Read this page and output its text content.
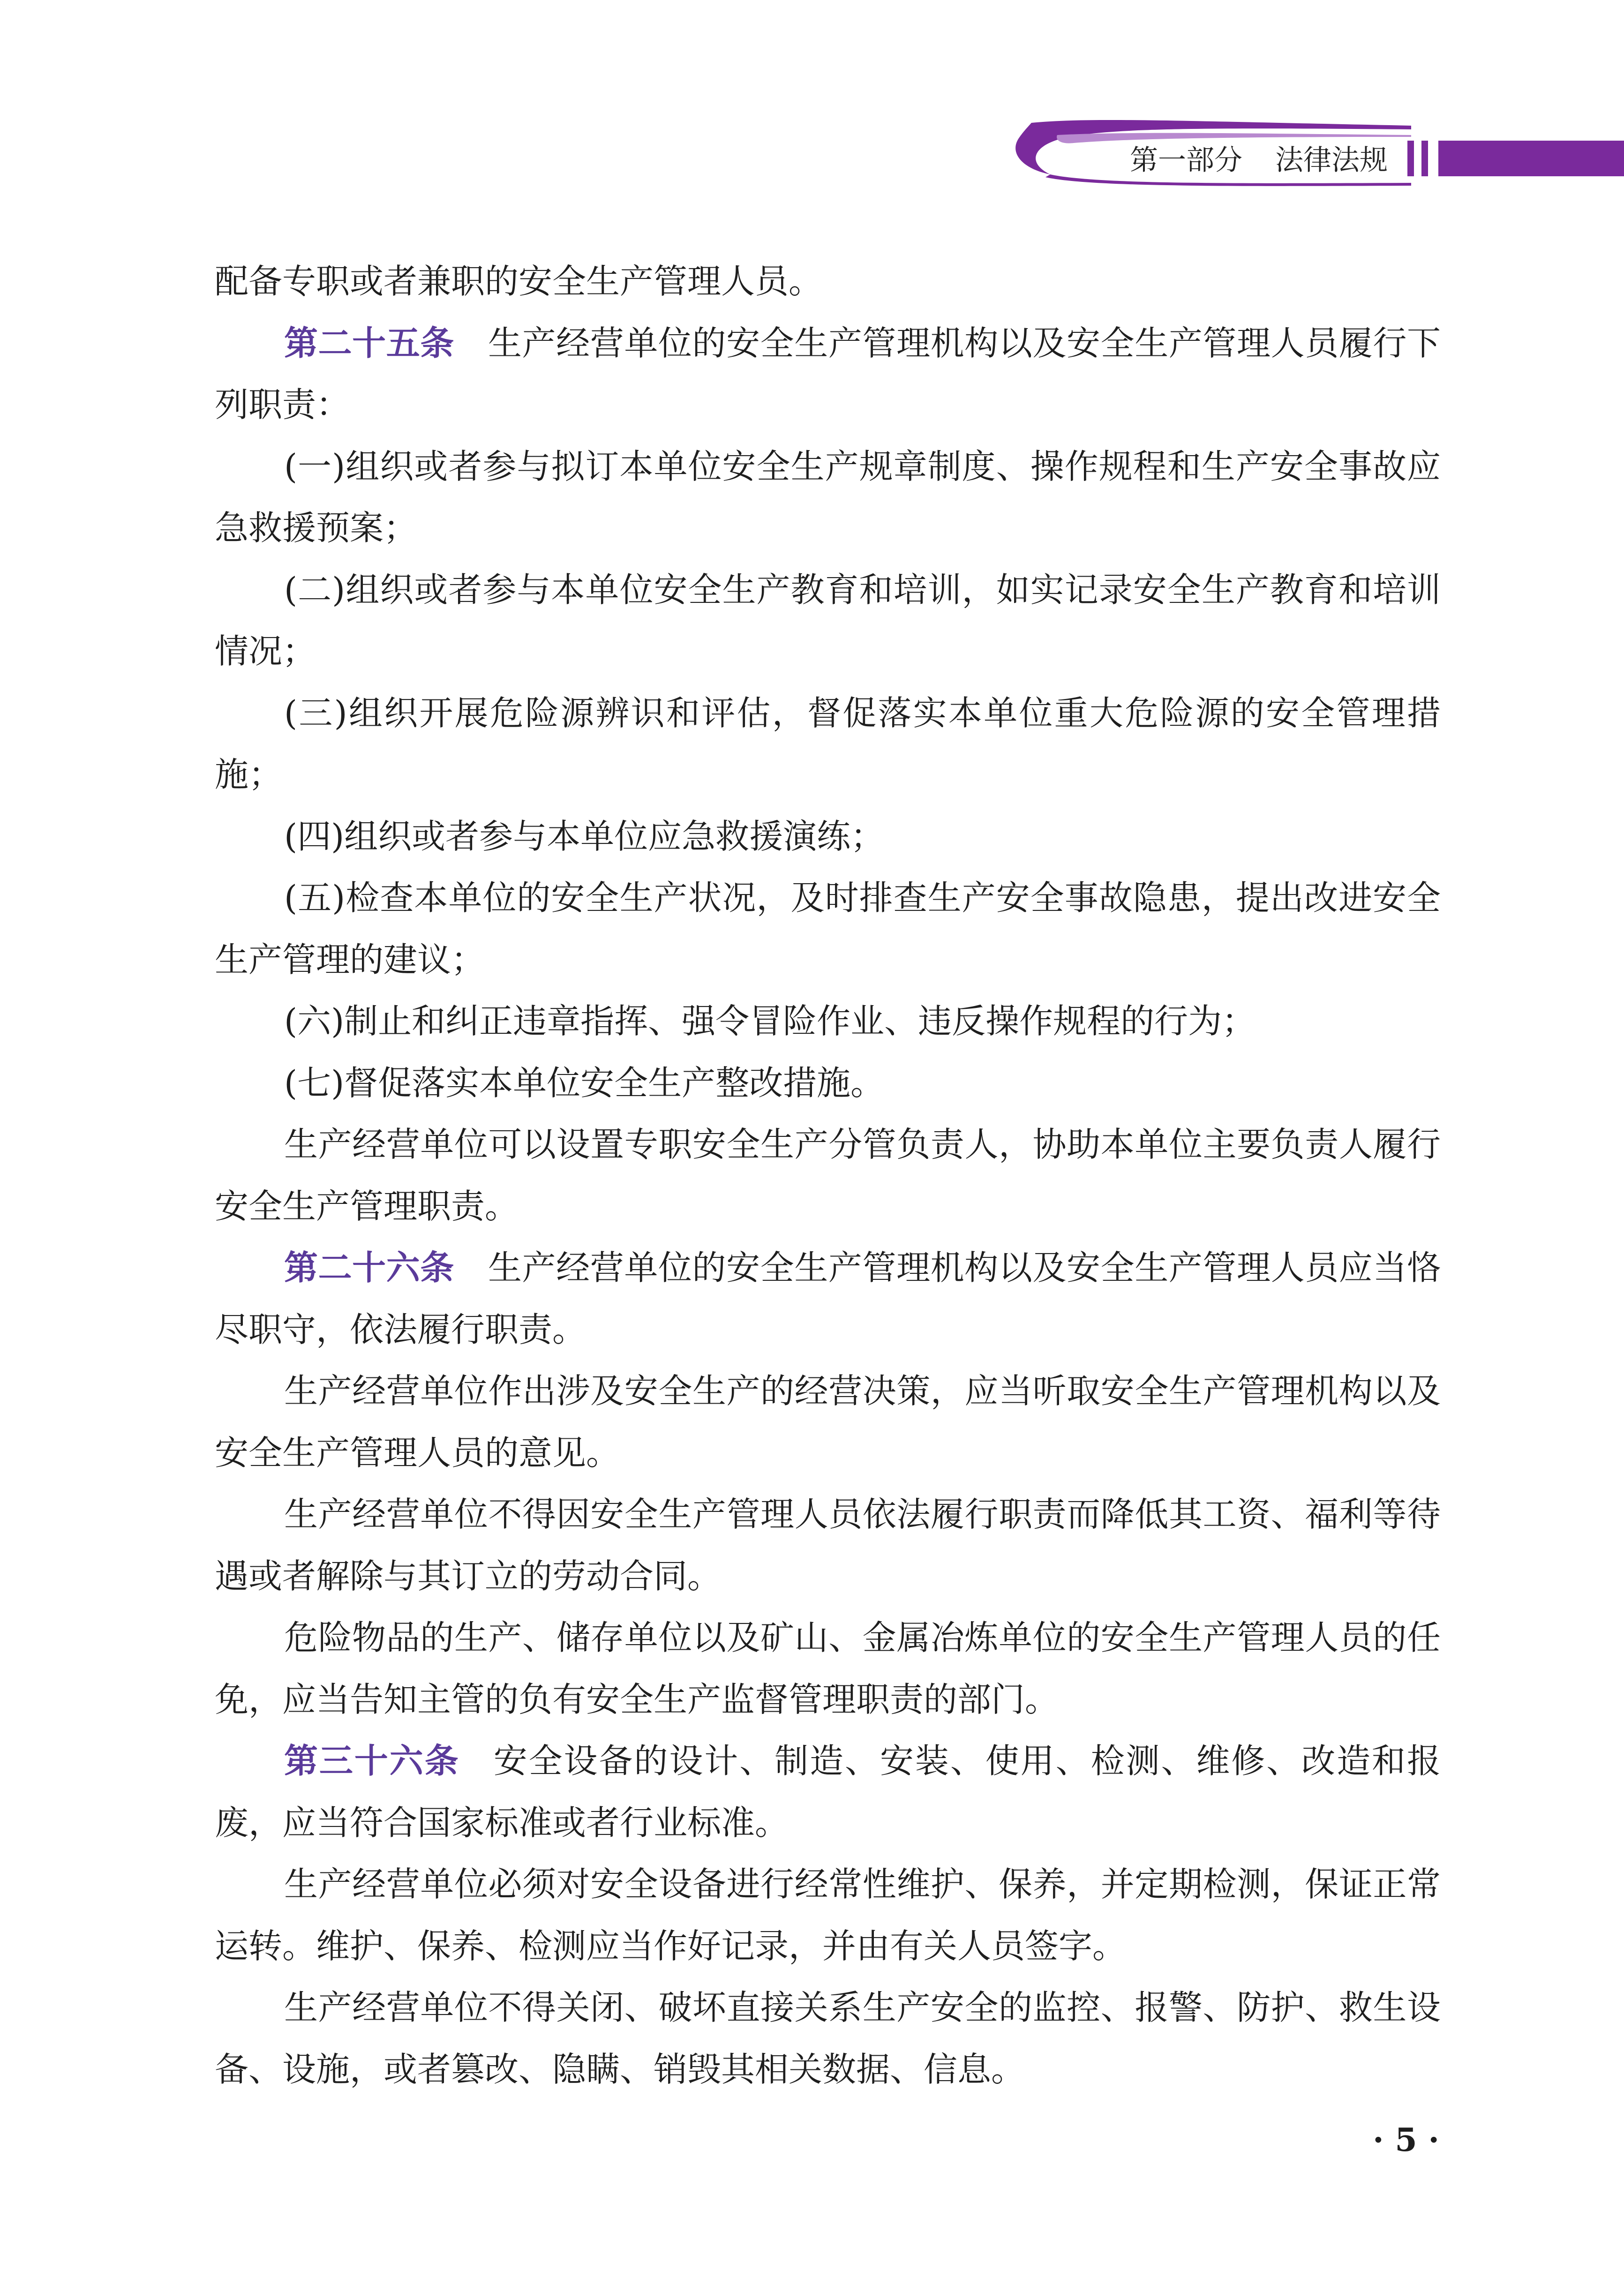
第一部分 法律法规

配备专职或者兼职的安全生产管理人员。

第二十五条 生产经营单位的安全生产管理机构以及安全生产管理人员履行下列职责：

(一)组织或者参与拟订本单位安全生产规章制度、操作规程和生产安全事故应急救援预案；

(二)组织或者参与本单位安全生产教育和培训，如实记录安全生产教育和培训情况；

(三)组织开展危险源辨识和评估，督促落实本单位重大危险源的安全管理措施；

(四)组织或者参与本单位应急救援演练；

(五)检查本单位的安全生产状况，及时排查生产安全事故隐患，提出改进安全生产管理的建议；

(六)制止和纠正违章指挥、强令冒险作业、违反操作规程的行为；

(七)督促落实本单位安全生产整改措施。

生产经营单位可以设置专职安全生产分管负责人，协助本单位主要负责人履行安全生产管理职责。

第二十六条 生产经营单位的安全生产管理机构以及安全生产管理人员应当恪尽职守，依法履行职责。

生产经营单位作出涉及安全生产的经营决策，应当听取安全生产管理机构以及安全生产管理人员的意见。

生产经营单位不得因安全生产管理人员依法履行职责而降低其工资、福利等待遇或者解除与其订立的劳动合同。

危险物品的生产、储存单位以及矿山、金属冶炼单位的安全生产管理人员的任免，应当告知主管的负有安全生产监督管理职责的部门。

第三十六条 安全设备的设计、制造、安装、使用、检测、维修、改造和报废，应当符合国家标准或者行业标准。

生产经营单位必须对安全设备进行经常性维护、保养，并定期检测，保证正常运转。维护、保养、检测应当作好记录，并由有关人员签字。

生产经营单位不得关闭、破坏直接关系生产安全的监控、报警、防护、救生设备、设施，或者篡改、隐瞒、销毁其相关数据、信息。

· 5 ·
